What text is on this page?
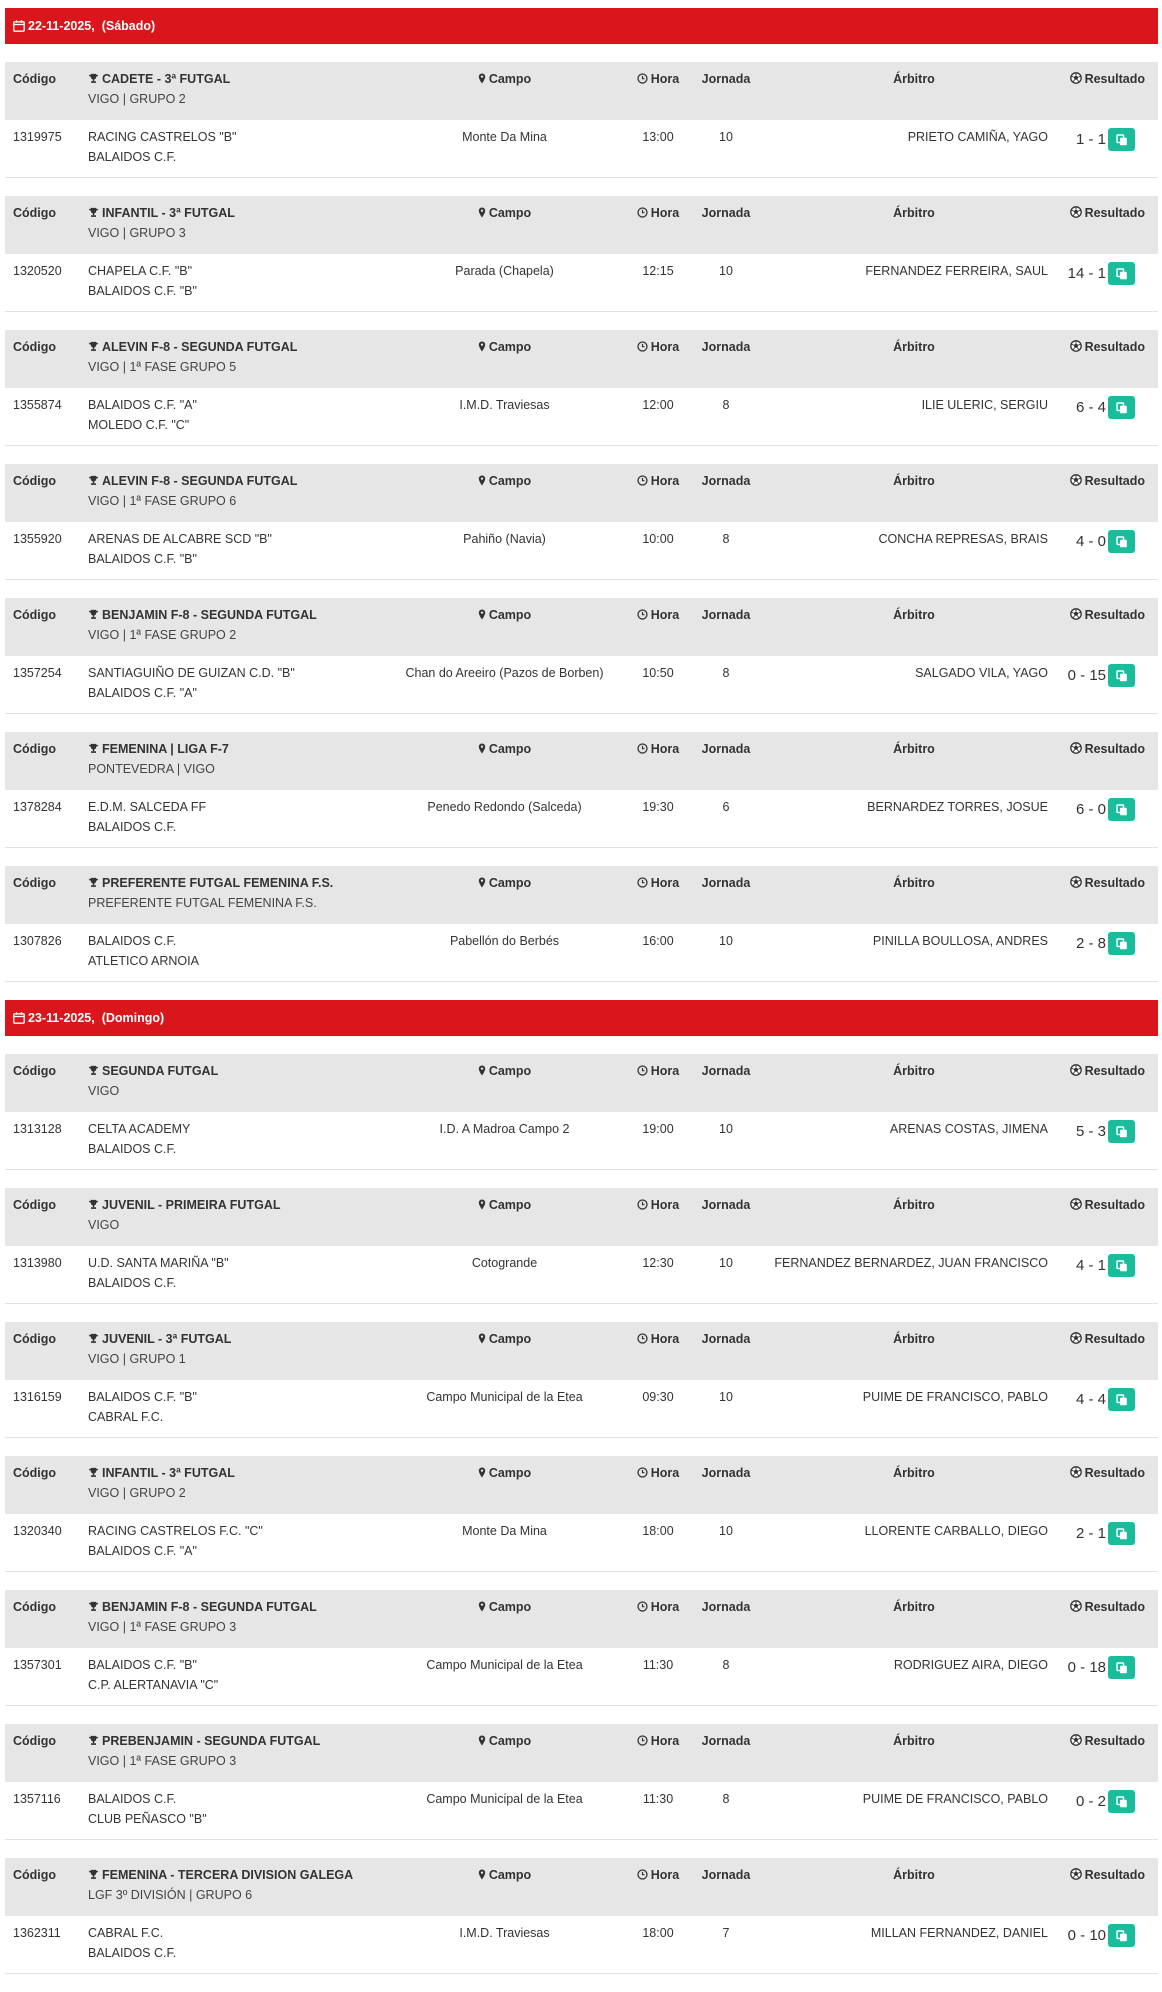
22-11-2025,
(Sábado)
Código	CADETE - 3ª FUTGAL
VIGO | GRUPO 2
Campo	Hora	Jornada	Árbitro	Resultado
1319975 RACING CASTRELOS "B"
BALAIDOS C.F.
Monte Da Mina	13:00	10	PRIETO CAMIÑA, YAGO 1 - 1
Código	INFANTIL - 3ª FUTGAL
VIGO | GRUPO 3
Campo	Hora	Jornada	Árbitro	Resultado
1320520 CHAPELA C.F. "B"
BALAIDOS C.F. "B"
Parada (Chapela)	12:15	10	FERNANDEZ FERREIRA, SAUL 14 - 1
Código	ALEVIN F-8 - SEGUNDA FUTGAL
VIGO | 1ª FASE GRUPO 5
Campo	Hora	Jornada	Árbitro	Resultado
1355874 BALAIDOS C.F. "A"
MOLEDO C.F. "C"
I.M.D. Traviesas	12:00	8	ILIE ULERIC, SERGIU 6 - 4
Código	ALEVIN F-8 - SEGUNDA FUTGAL
VIGO | 1ª FASE GRUPO 6
Campo	Hora	Jornada	Árbitro	Resultado
1355920 ARENAS DE ALCABRE SCD "B"
BALAIDOS C.F. "B"
Pahiño (Navia)	10:00	8	CONCHA REPRESAS, BRAIS 4 - 0
Código	BENJAMIN F-8 - SEGUNDA FUTGAL
VIGO | 1ª FASE GRUPO 2
Campo	Hora	Jornada	Árbitro	Resultado
1357254 SANTIAGUIÑO DE GUIZAN C.D. "B"
BALAIDOS C.F. "A"
Chan do Areeiro (Pazos de Borben)	10:50	8	SALGADO VILA, YAGO 0 - 15
Código	FEMENINA | LIGA F-7
PONTEVEDRA | VIGO
Campo	Hora	Jornada	Árbitro	Resultado
1378284 E.D.M. SALCEDA FF
BALAIDOS C.F.
Penedo Redondo (Salceda)	19:30	6	BERNARDEZ TORRES, JOSUE 6 - 0
Código	PREFERENTE FUTGAL FEMENINA F.S.
PREFERENTE FUTGAL FEMENINA F.S.
Campo	Hora	Jornada	Árbitro	Resultado
1307826 BALAIDOS C.F.
ATLETICO ARNOIA
Pabellón do Berbés	16:00	10	PINILLA BOULLOSA, ANDRES 2 - 8
23-11-2025,
(Domingo)
Código	SEGUNDA FUTGAL
VIGO
Campo	Hora	Jornada	Árbitro	Resultado
1313128 CELTA ACADEMY
BALAIDOS C.F.
I.D. A Madroa Campo 2	19:00	10	ARENAS COSTAS, JIMENA 5 - 3
Código	JUVENIL - PRIMEIRA FUTGAL
VIGO
Campo	Hora	Jornada	Árbitro	Resultado
1313980 U.D. SANTA MARIÑA "B"
BALAIDOS C.F.
Cotogrande	12:30	10	FERNANDEZ BERNARDEZ, JUAN FRANCISCO 4 - 1
Código	JUVENIL - 3ª FUTGAL
VIGO | GRUPO 1
Campo	Hora	Jornada	Árbitro	Resultado
1316159 BALAIDOS C.F. "B"
CABRAL F.C.
Campo Municipal de la Etea	09:30	10	PUIME DE FRANCISCO, PABLO 4 - 4
Código	INFANTIL - 3ª FUTGAL
VIGO | GRUPO 2
Campo	Hora	Jornada	Árbitro	Resultado
1320340 RACING CASTRELOS F.C. "C"
BALAIDOS C.F. "A"
Monte Da Mina	18:00	10	LLORENTE CARBALLO, DIEGO 2 - 1
Código	BENJAMIN F-8 - SEGUNDA FUTGAL
VIGO | 1ª FASE GRUPO 3
Campo	Hora	Jornada	Árbitro	Resultado
1357301 BALAIDOS C.F. "B"
C.P. ALERTANAVIA "C"
Campo Municipal de la Etea	11:30	8	RODRIGUEZ AIRA, DIEGO 0 - 18
Código	PREBENJAMIN - SEGUNDA FUTGAL
VIGO | 1ª FASE GRUPO 3
Campo	Hora	Jornada	Árbitro	Resultado
1357116 BALAIDOS C.F.
CLUB PEÑASCO "B"
Campo Municipal de la Etea	11:30	8	PUIME DE FRANCISCO, PABLO 0 - 2
Código	FEMENINA - TERCERA DIVISION GALEGA
LGF 3º DIVISIÓN | GRUPO 6
Campo	Hora	Jornada	Árbitro	Resultado
1362311 CABRAL F.C.
BALAIDOS C.F.
I.M.D. Traviesas	18:00	7	MILLAN FERNANDEZ, DANIEL 0 - 10
